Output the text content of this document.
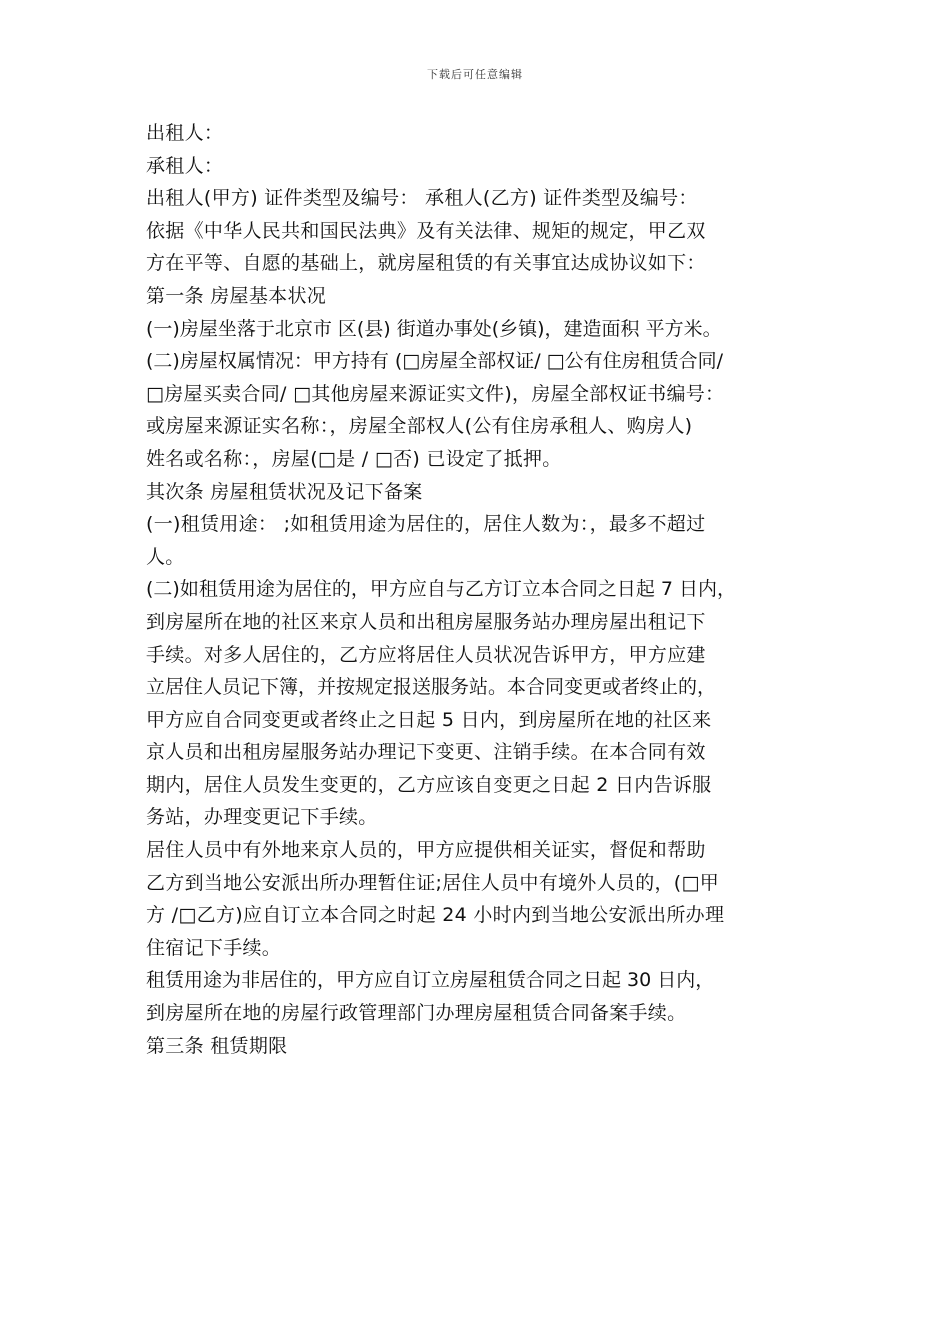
下载后可任意编辑
出租人：
承租人：
出租人(甲方) 证件类型及编号： 承租人(乙方) 证件类型及编号：
依据《中华人民共和国民法典》及有关法律、规矩的规定，甲乙双
方在平等、自愿的基础上，就房屋租赁的有关事宜达成协议如下：
第一条 房屋基本状况
(一)房屋坐落于北京市 区(县) 街道办事处(乡镇)，建造面积 平方米。
(二)房屋权属情况：甲方持有 (□房屋全部权证/ □公有住房租赁合同/
□房屋买卖合同/ □其他房屋来源证实文件)，房屋全部权证书编号：
或房屋来源证实名称：，房屋全部权人(公有住房承租人、购房人)
姓名或名称：，房屋(□是 / □否) 已设定了抵押。
其次条 房屋租赁状况及记下备案
(一)租赁用途： ;如租赁用途为居住的，居住人数为：，最多不超过
人。
(二)如租赁用途为居住的，甲方应自与乙方订立本合同之日起 7 日内，
到房屋所在地的社区来京人员和出租房屋服务站办理房屋出租记下
手续。对多人居住的，乙方应将居住人员状况告诉甲方，甲方应建
立居住人员记下簿，并按规定报送服务站。本合同变更或者终止的，
甲方应自合同变更或者终止之日起 5 日内，到房屋所在地的社区来
京人员和出租房屋服务站办理记下变更、注销手续。在本合同有效
期内，居住人员发生变更的，乙方应该自变更之日起 2 日内告诉服
务站，办理变更记下手续。
居住人员中有外地来京人员的，甲方应提供相关证实，督促和帮助
乙方到当地公安派出所办理暂住证;居住人员中有境外人员的，(□甲
方 /□乙方)应自订立本合同之时起 24 小时内到当地公安派出所办理
住宿记下手续。
租赁用途为非居住的，甲方应自订立房屋租赁合同之日起 30 日内，
到房屋所在地的房屋行政管理部门办理房屋租赁合同备案手续。
第三条 租赁期限
